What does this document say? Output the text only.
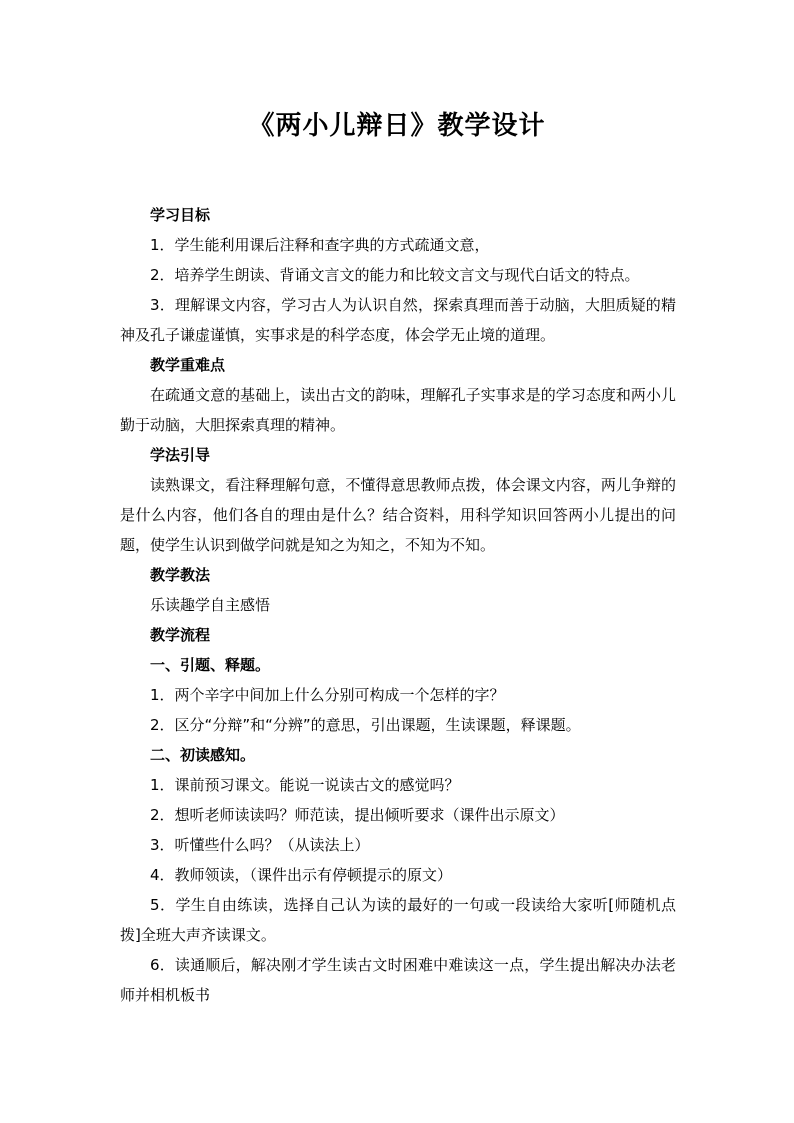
《两小儿辩日》教学设计

学习目标

1．学生能利用课后注释和查字典的方式疏通文意，

2．培养学生朗读、背诵文言文的能力和比较文言文与现代白话文的特点。

3．理解课文内容，学习古人为认识自然，探索真理而善于动脑，大胆质疑的精神及孔子谦虚谨慎，实事求是的科学态度，体会学无止境的道理。

教学重难点

在疏通文意的基础上，读出古文的韵味，理解孔子实事求是的学习态度和两小儿勤于动脑，大胆探索真理的精神。

学法引导

读熟课文，看注释理解句意，不懂得意思教师点拨，体会课文内容，两儿争辩的是什么内容，他们各自的理由是什么？结合资料，用科学知识回答两小儿提出的问题，使学生认识到做学问就是知之为知之，不知为不知。

教学教法

乐读趣学自主感悟

教学流程

一、引题、释题。

1．两个辛字中间加上什么分别可构成一个怎样的字？

2．区分“分辩”和“分辨”的意思，引出课题，生读课题，释课题。

二、初读感知。

1．课前预习课文。能说一说读古文的感觉吗？

2．想听老师读读吗？师范读，提出倾听要求（课件出示原文）

3．听懂些什么吗？（从读法上）

4．教师领读，（课件出示有停顿提示的原文）

5．学生自由练读，选择自己认为读的最好的一句或一段读给大家听[师随机点拨]全班大声齐读课文。

6．读通顺后，解决刚才学生读古文时困难中难读这一点，学生提出解决办法老师并相机板书
